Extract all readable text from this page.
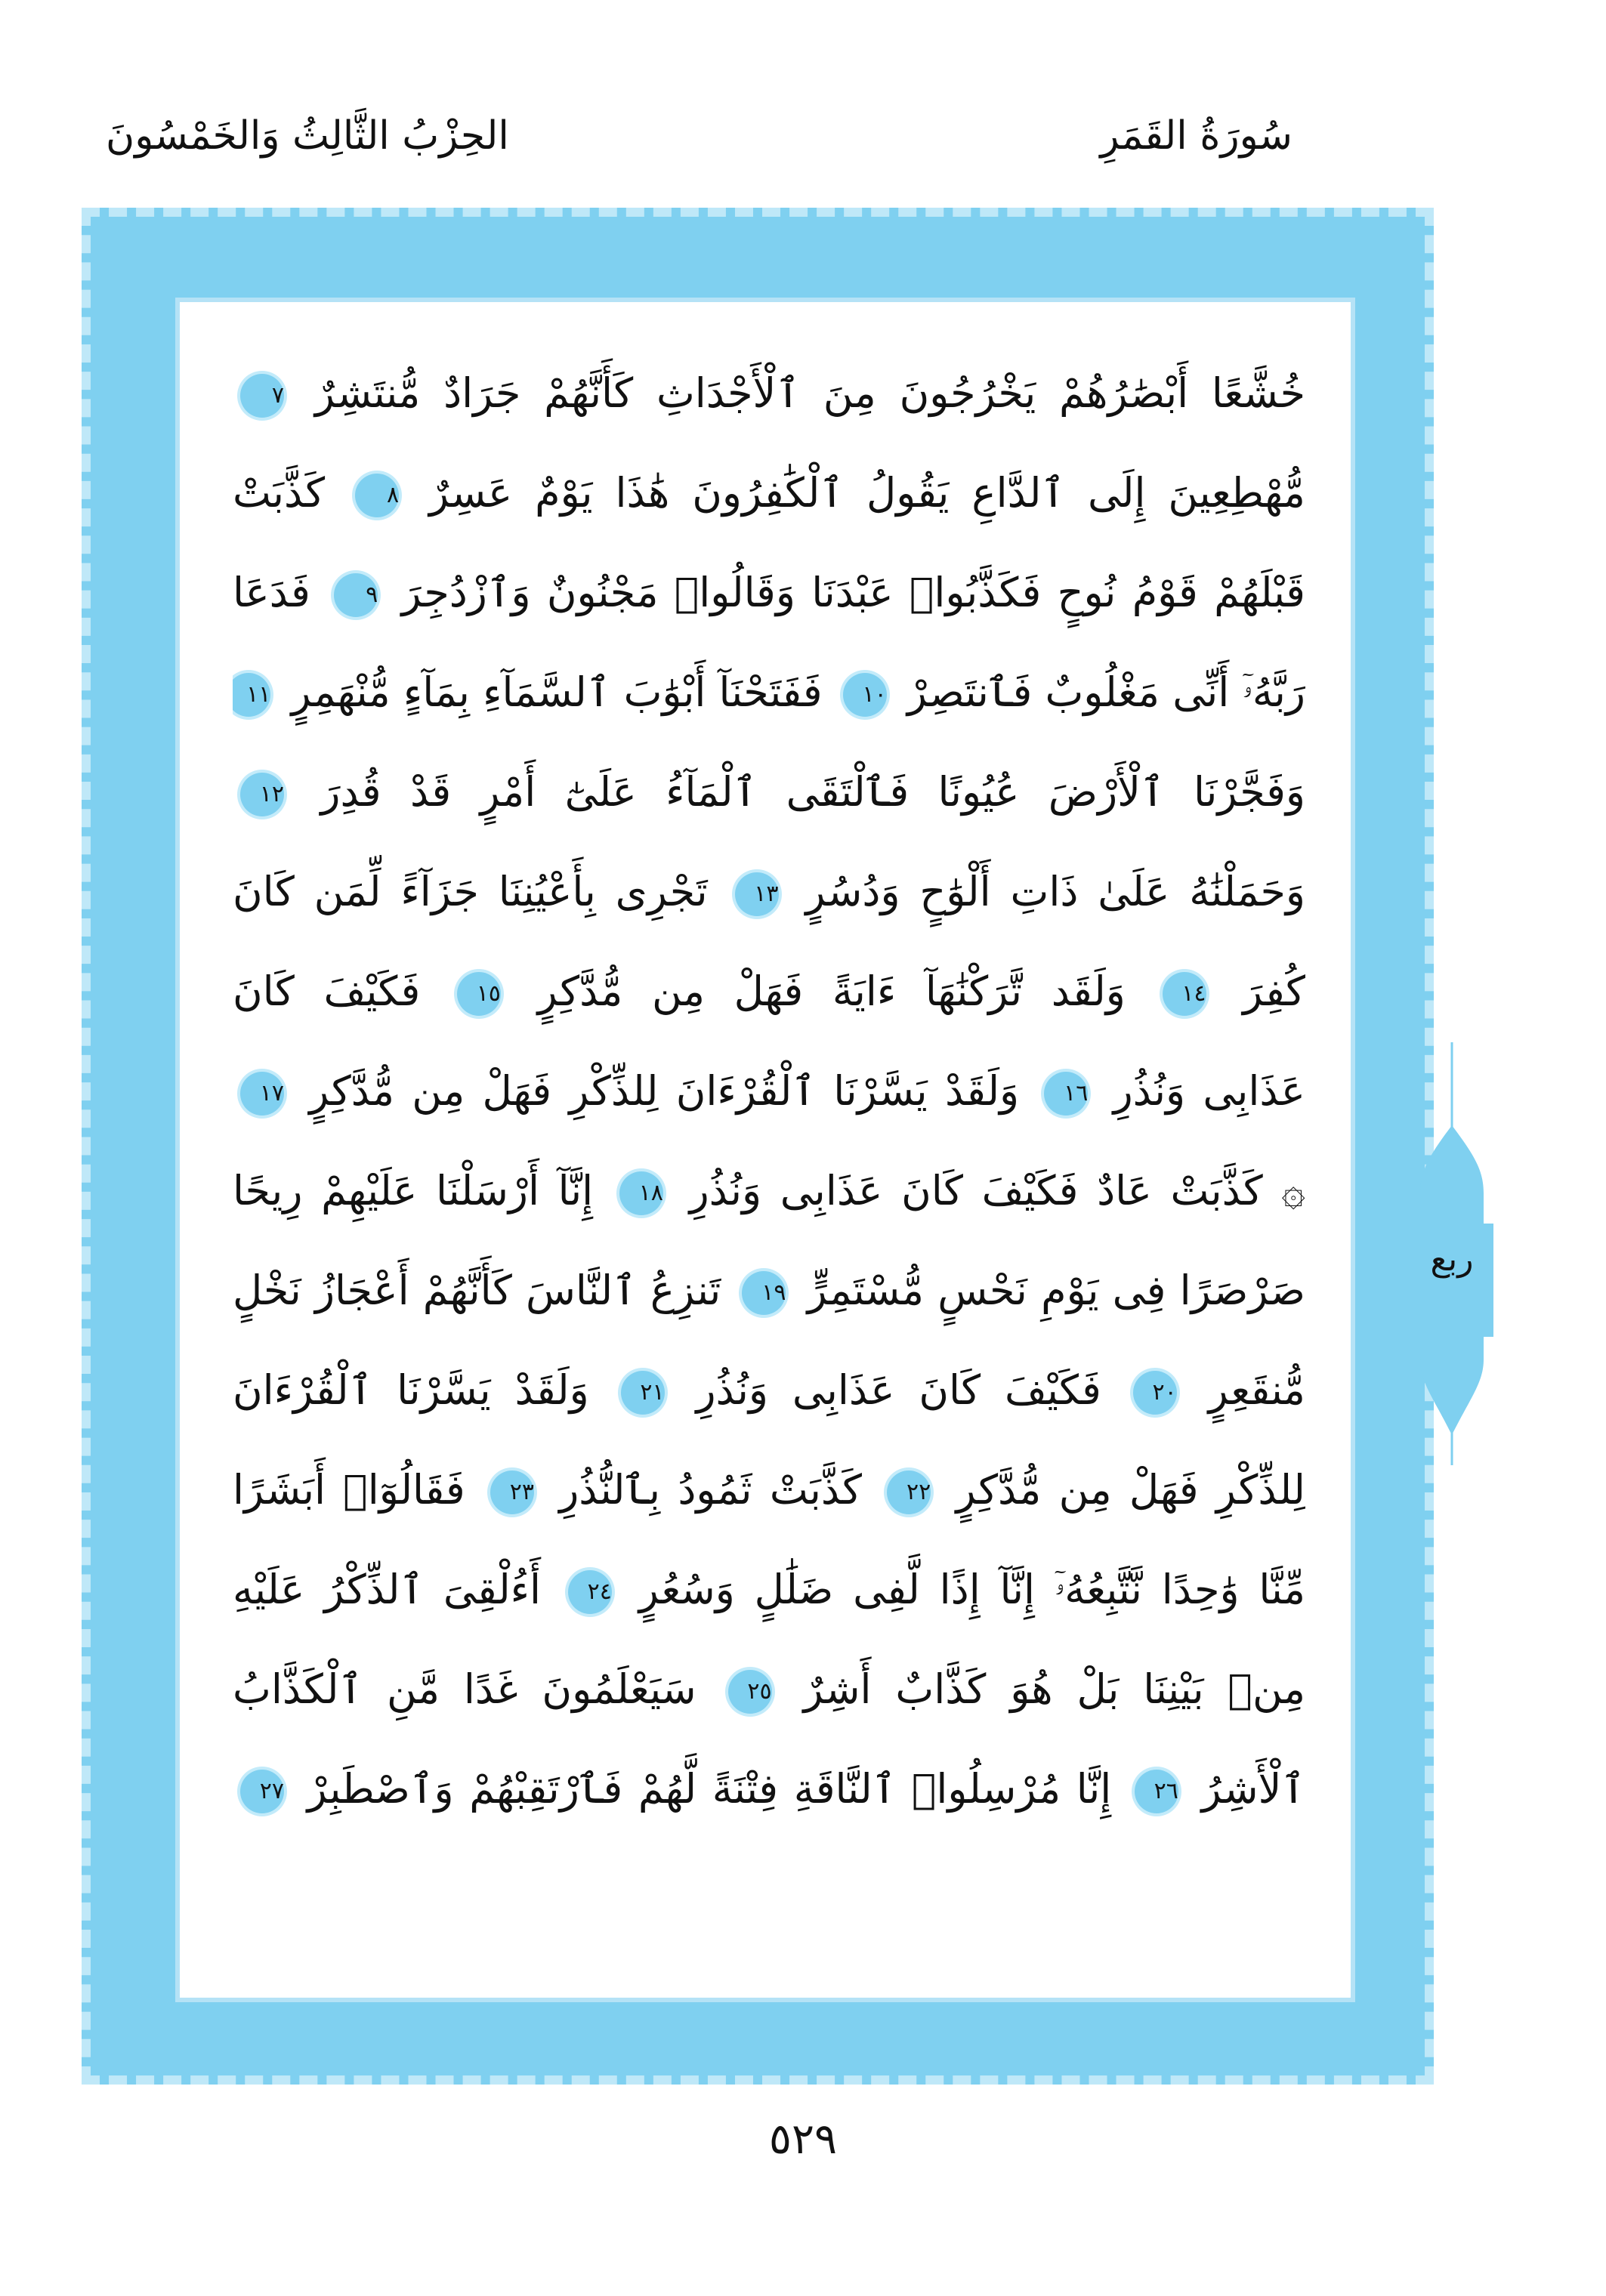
سُورَةُ القَمَرِ
الحِزْبُ الثَّالِثُ وَالخَمْسُونَ
خُشَّعًا أَبْصَٰرُهُمْ يَخْرُجُونَ مِنَ ٱلْأَجْدَاثِ كَأَنَّهُمْ جَرَادٌ مُّنتَشِرٌ ٧
مُّهْطِعِينَ إِلَى ٱلدَّاعِ يَقُولُ ٱلْكَٰفِرُونَ هَٰذَا يَوْمٌ عَسِرٌ ٨ كَذَّبَتْ
قَبْلَهُمْ قَوْمُ نُوحٍ فَكَذَّبُوا۟ عَبْدَنَا وَقَالُوا۟ مَجْنُونٌ وَٱزْدُجِرَ ٩ فَدَعَا
رَبَّهُۥٓ أَنِّى مَغْلُوبٌ فَٱنتَصِرْ ١٠ فَفَتَحْنَآ أَبْوَٰبَ ٱلسَّمَآءِ بِمَآءٍ مُّنْهَمِرٍ ١١
وَفَجَّرْنَا ٱلْأَرْضَ عُيُونًا فَٱلْتَقَى ٱلْمَآءُ عَلَىٰٓ أَمْرٍ قَدْ قُدِرَ ١٢
وَحَمَلْنَٰهُ عَلَىٰ ذَاتِ أَلْوَٰحٍ وَدُسُرٍ ١٣ تَجْرِى بِأَعْيُنِنَا جَزَآءً لِّمَن كَانَ
كُفِرَ ١٤ وَلَقَد تَّرَكْنَٰهَآ ءَايَةً فَهَلْ مِن مُّدَّكِرٍ ١٥ فَكَيْفَ كَانَ
عَذَابِى وَنُذُرِ ١٦ وَلَقَدْ يَسَّرْنَا ٱلْقُرْءَانَ لِلذِّكْرِ فَهَلْ مِن مُّدَّكِرٍ ١٧
۞ كَذَّبَتْ عَادٌ فَكَيْفَ كَانَ عَذَابِى وَنُذُرِ ١٨ إِنَّآ أَرْسَلْنَا عَلَيْهِمْ رِيحًا
صَرْصَرًا فِى يَوْمِ نَحْسٍ مُّسْتَمِرٍّ ١٩ تَنزِعُ ٱلنَّاسَ كَأَنَّهُمْ أَعْجَازُ نَخْلٍ
مُّنقَعِرٍ ٢٠ فَكَيْفَ كَانَ عَذَابِى وَنُذُرِ ٢١ وَلَقَدْ يَسَّرْنَا ٱلْقُرْءَانَ
لِلذِّكْرِ فَهَلْ مِن مُّدَّكِرٍ ٢٢ كَذَّبَتْ ثَمُودُ بِٱلنُّذُرِ ٢٣ فَقَالُوٓا۟ أَبَشَرًا
مِّنَّا وَٰحِدًا نَّتَّبِعُهُۥٓ إِنَّآ إِذًا لَّفِى ضَلَٰلٍ وَسُعُرٍ ٢٤ أَءُلْقِىَ ٱلذِّكْرُ عَلَيْهِ
مِنۢ بَيْنِنَا بَلْ هُوَ كَذَّابٌ أَشِرٌ ٢٥ سَيَعْلَمُونَ غَدًا مَّنِ ٱلْكَذَّابُ
ٱلْأَشِرُ ٢٦ إِنَّا مُرْسِلُوا۟ ٱلنَّاقَةِ فِتْنَةً لَّهُمْ فَٱرْتَقِبْهُمْ وَٱصْطَبِرْ ٢٧
ربع
٥٢٩
